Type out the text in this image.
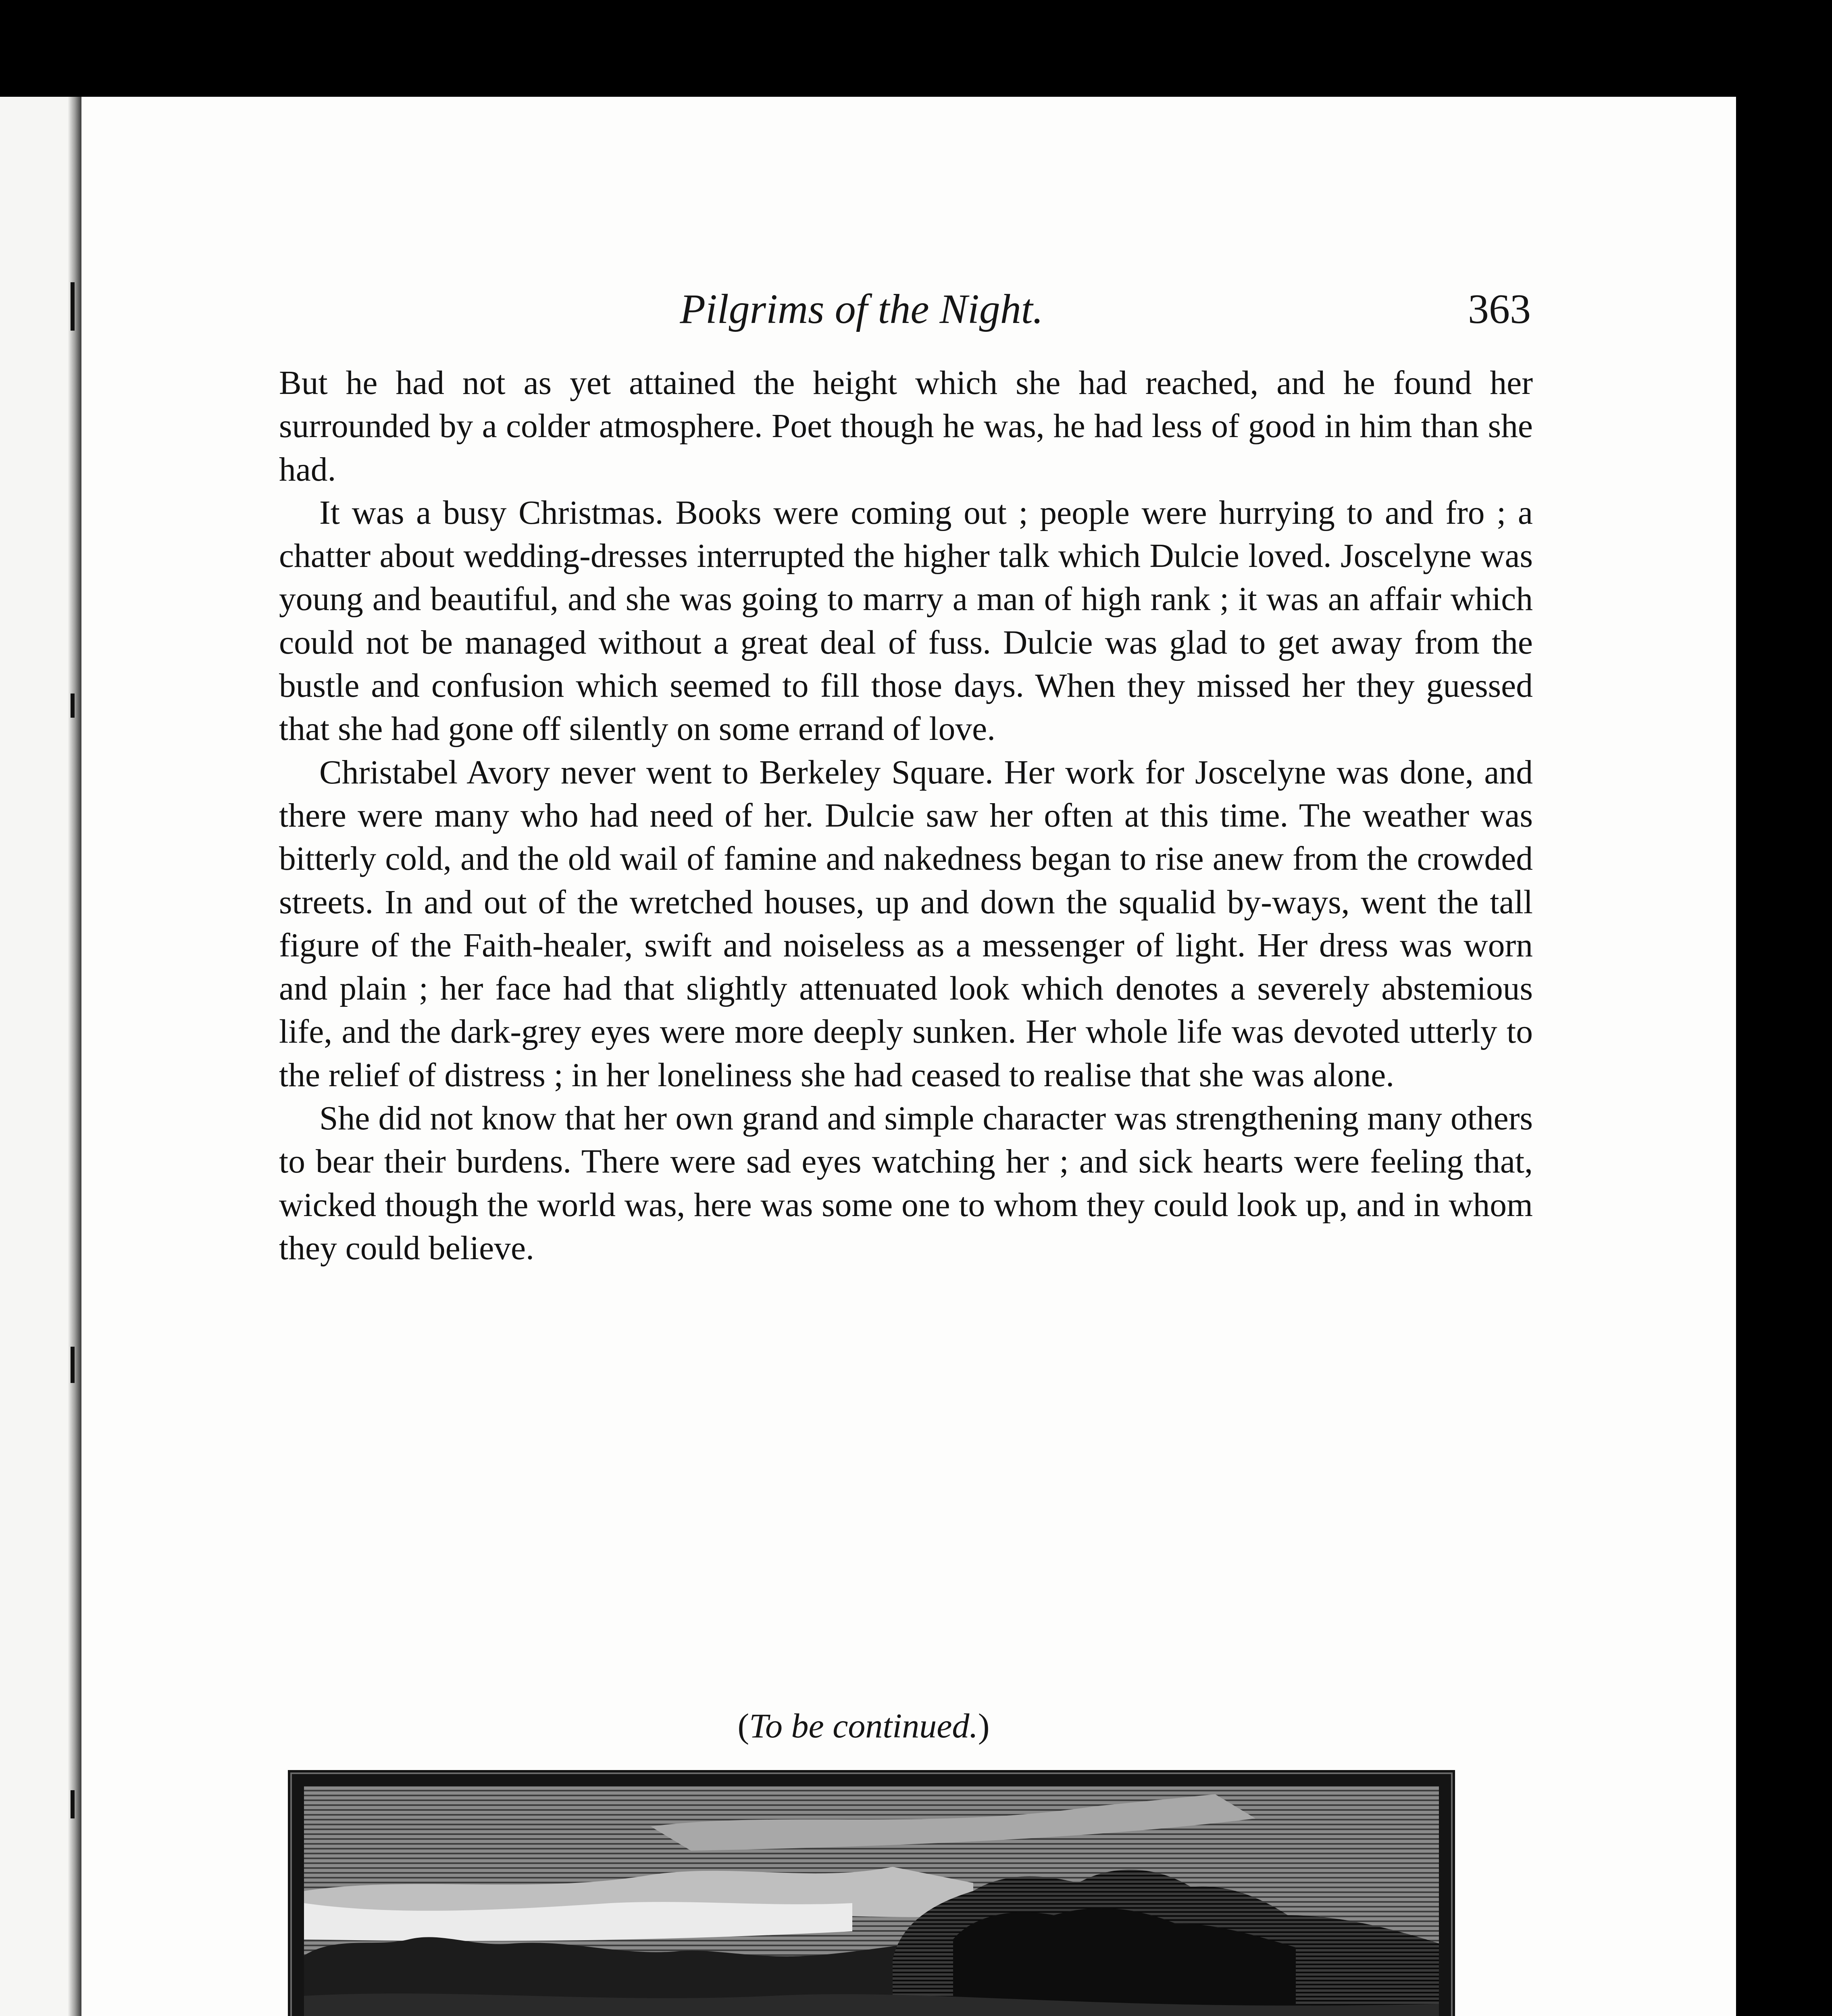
Pilgrims of the Night.	363

But he had not as yet attained the height which she had reached, and he found her surrounded by a colder atmosphere. Poet though he was, he had less of good in him than she had.

It was a busy Christmas. Books were coming out ; people were hurrying to and fro ; a chatter about wedding-dresses interrupted the higher talk which Dulcie loved. Joscelyne was young and beautiful, and she was going to marry a man of high rank ; it was an affair which could not be managed without a great deal of fuss. Dulcie was glad to get away from the bustle and confusion which seemed to fill those days. When they missed her they guessed that she had gone off silently on some errand of love.

Christabel Avory never went to Berkeley Square. Her work for Joscelyne was done, and there were many who had need of her. Dulcie saw her often at this time. The weather was bitterly cold, and the old wail of famine and nakedness began to rise anew from the crowded streets. In and out of the wretched houses, up and down the squalid by-ways, went the tall figure of the Faith-healer, swift and noiseless as a messenger of light. Her dress was worn and plain ; her face had that slightly attenuated look which denotes a severely abstemious life, and the dark-grey eyes were more deeply sunken. Her whole life was devoted utterly to the relief of distress ; in her loneliness she had ceased to realise that she was alone.

She did not know that her own grand and simple character was strengthening many others to bear their burdens. There were sad eyes watching her ; and sick hearts were feeling that, wicked though the world was, here was some one to whom they could look up, and in whom they could believe.

(To be continued.)
